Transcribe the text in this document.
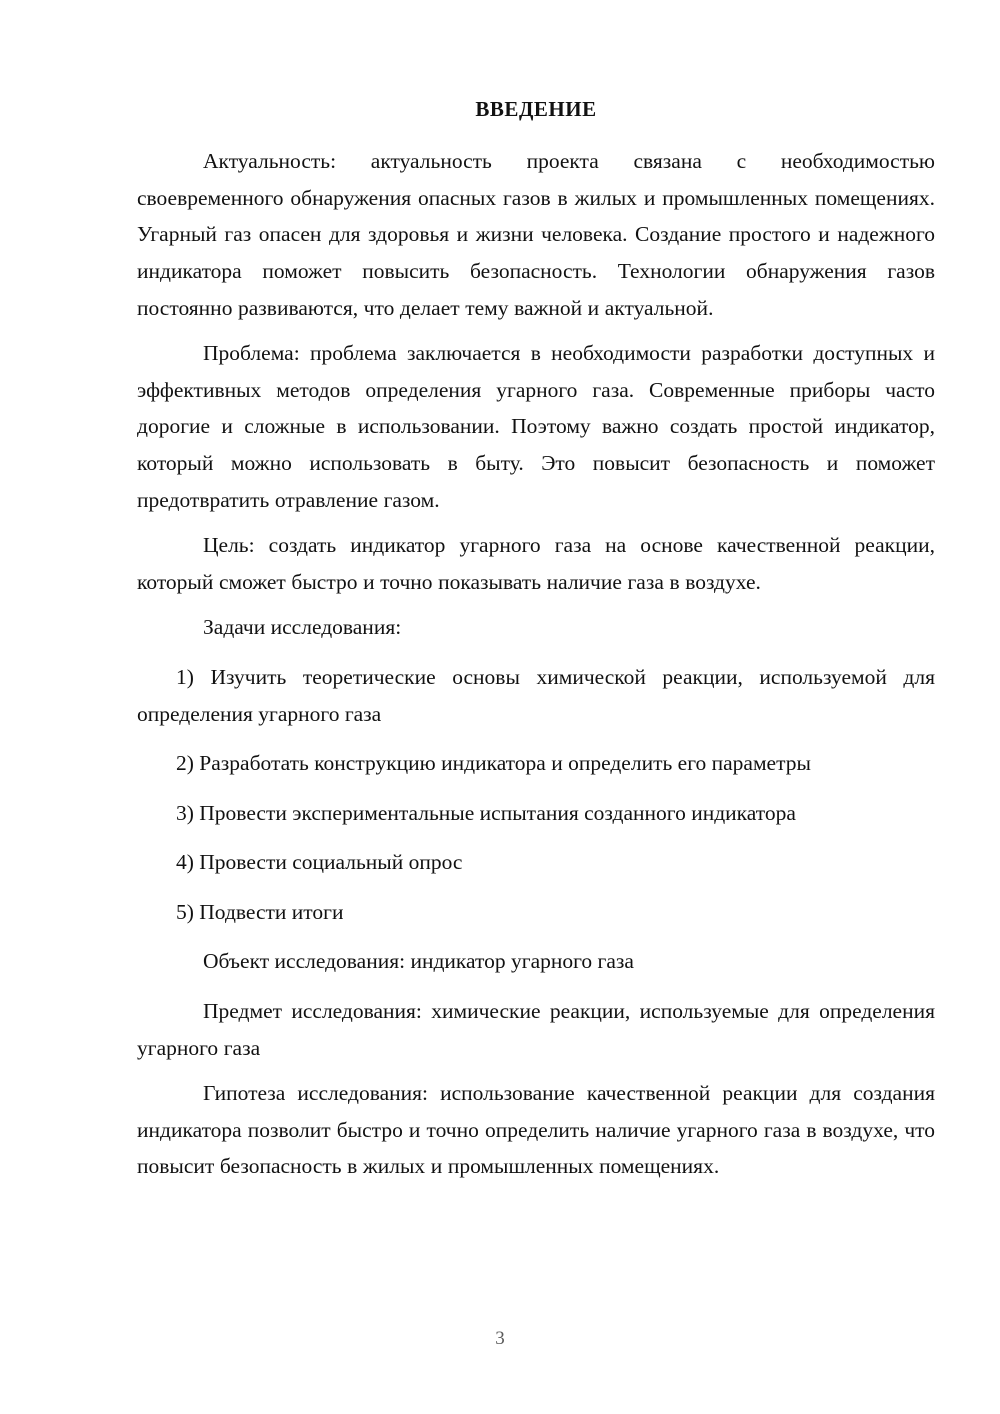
ВВЕДЕНИЕ

Актуальность: актуальность проекта связана с необходимостью своевременного обнаружения опасных газов в жилых и промышленных помещениях. Угарный газ опасен для здоровья и жизни человека. Создание простого и надежного индикатора поможет повысить безопасность. Технологии обнаружения газов постоянно развиваются, что делает тему важной и актуальной.

Проблема: проблема заключается в необходимости разработки доступных и эффективных методов определения угарного газа. Современные приборы часто дорогие и сложные в использовании. Поэтому важно создать простой индикатор, который можно использовать в быту. Это повысит безопасность и поможет предотвратить отравление газом.

Цель: создать индикатор угарного газа на основе качественной реакции, который сможет быстро и точно показывать наличие газа в воздухе.

Задачи исследования:

1) Изучить теоретические основы химической реакции, используемой для определения угарного газа

2) Разработать конструкцию индикатора и определить его параметры

3) Провести экспериментальные испытания созданного индикатора

4) Провести социальный опрос

5) Подвести итоги

Объект исследования: индикатор угарного газа

Предмет исследования: химические реакции, используемые для определения угарного газа

Гипотеза исследования: использование качественной реакции для создания индикатора позволит быстро и точно определить наличие угарного газа в воздухе, что повысит безопасность в жилых и промышленных помещениях.

3
